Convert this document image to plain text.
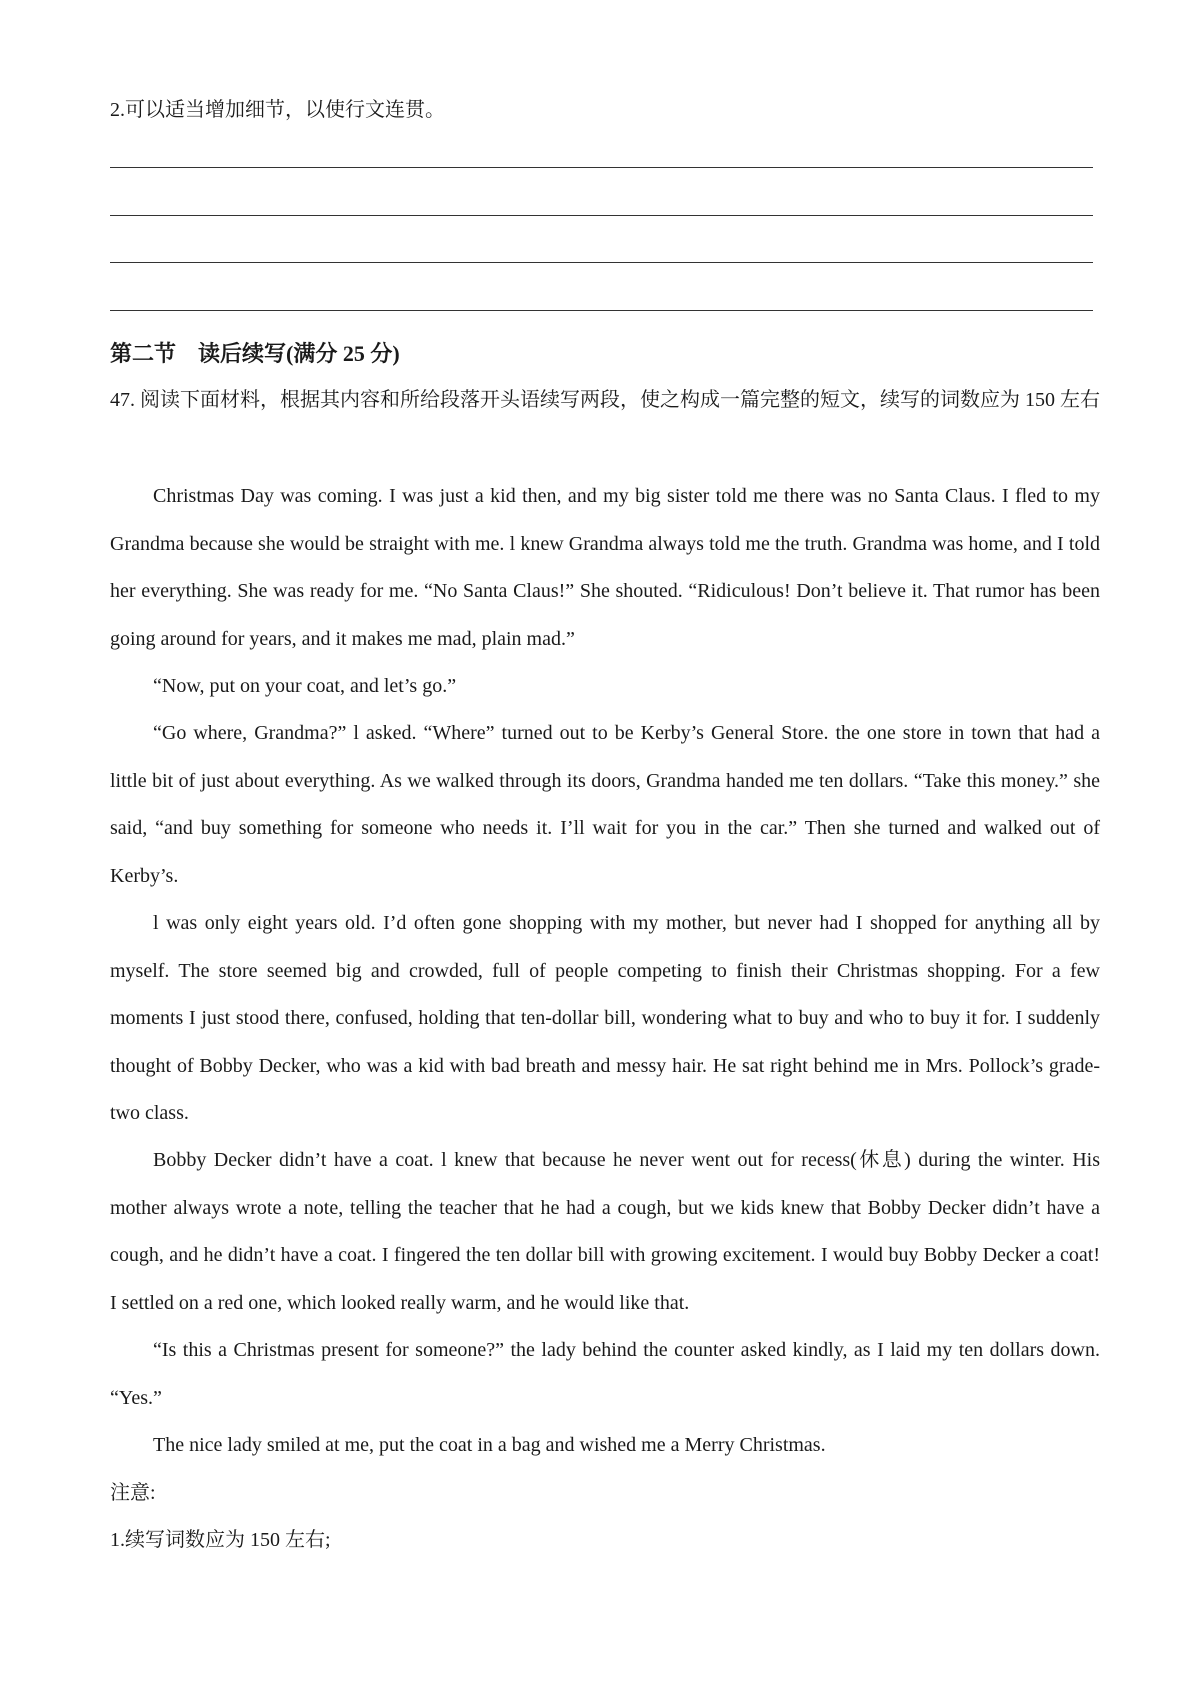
2.可以适当增加细节，以使行文连贯。
第二节　读后续写(满分 25 分)
47. 阅读下面材料，根据其内容和所给段落开头语续写两段，使之构成一篇完整的短文，续写的词数应为 150 左右
Christmas Day was coming. I was just a kid then, and my big sister told me there was no Santa Claus. I fled to my Grandma because she would be straight with me. l knew Grandma always told me the truth. Grandma was home, and I told her everything. She was ready for me. “No Santa Claus!” She shouted. “Ridiculous! Don’t believe it. That rumor has been going around for years, and it makes me mad, plain mad.”
“Now, put on your coat, and let’s go.”
“Go where, Grandma?” l asked. “Where” turned out to be Kerby’s General Store. the one store in town that had a little bit of just about everything. As we walked through its doors, Grandma handed me ten dollars. “Take this money.” she said, “and buy something for someone who needs it. I’ll wait for you in the car.” Then she turned and walked out of Kerby’s.
l was only eight years old. I’d often gone shopping with my mother, but never had I shopped for anything all by myself. The store seemed big and crowded, full of people competing to finish their Christmas shopping. For a few moments I just stood there, confused, holding that ten-dollar bill, wondering what to buy and who to buy it for. I suddenly thought of Bobby Decker, who was a kid with bad breath and messy hair. He sat right behind me in Mrs. Pollock’s grade-two class.
Bobby Decker didn’t have a coat. l knew that because he never went out for recess(休息) during the winter. His mother always wrote a note, telling the teacher that he had a cough, but we kids knew that Bobby Decker didn’t have a cough, and he didn’t have a coat. I fingered the ten dollar bill with growing excitement. I would buy Bobby Decker a coat! I settled on a red one, which looked really warm, and he would like that.
“Is this a Christmas present for someone?” the lady behind the counter asked kindly, as I laid my ten dollars down. “Yes.”
The nice lady smiled at me, put the coat in a bag and wished me a Merry Christmas.
注意:
1.续写词数应为 150 左右;
